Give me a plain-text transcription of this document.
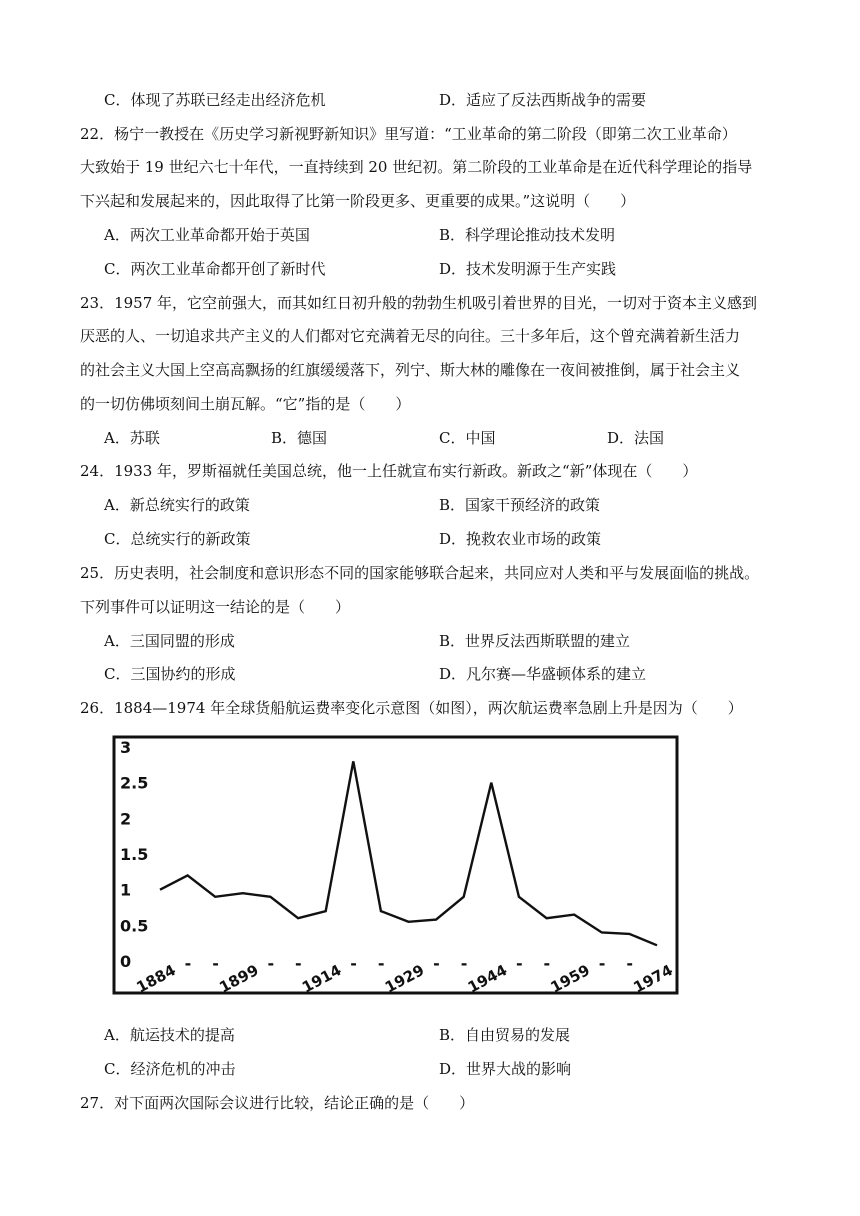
C．体现了苏联已经走出经济危机	D．适应了反法西斯战争的需要
22．杨宁一教授在《历史学习新视野新知识》里写道：“工业革命的第二阶段（即第二次工业革命）
大致始于 19 世纪六七十年代，一直持续到 20 世纪初。第二阶段的工业革命是在近代科学理论的指导
下兴起和发展起来的，因此取得了比第一阶段更多、更重要的成果。”这说明（　　）
A．两次工业革命都开始于英国	B．科学理论推动技术发明
C．两次工业革命都开创了新时代	D．技术发明源于生产实践
23．1957 年，它空前强大，而其如红日初升般的勃勃生机吸引着世界的目光，一切对于资本主义感到
厌恶的人、一切追求共产主义的人们都对它充满着无尽的向往。三十多年后，这个曾充满着新生活力
的社会主义大国上空高高飘扬的红旗缓缓落下，列宁、斯大林的雕像在一夜间被推倒，属于社会主义
的一切仿佛顷刻间土崩瓦解。“它”指的是（　　）
A．苏联	B．德国	C．中国	D．法国
24．1933 年，罗斯福就任美国总统，他一上任就宣布实行新政。新政之“新”体现在（　　）
A．新总统实行的政策	B．国家干预经济的政策
C．总统实行的新政策	D．挽救农业市场的政策
25．历史表明，社会制度和意识形态不同的国家能够联合起来，共同应对人类和平与发展面临的挑战。
下列事件可以证明这一结论的是（　　）
A．三国同盟的形成	B．世界反法西斯联盟的建立
C．三国协约的形成	D．凡尔赛—华盛顿体系的建立
26．1884—1974 年全球货船航运费率变化示意图（如图），两次航运费率急剧上升是因为（　　）
0
0.5
1
1.5
2
2.5
3
1884 - -
1899 - -
1914 - -
1929 - -
1944 - -
1959 - -
1974
A．航运技术的提高	B．自由贸易的发展
C．经济危机的冲击	D．世界大战的影响
27．对下面两次国际会议进行比较，结论正确的是（　　）
